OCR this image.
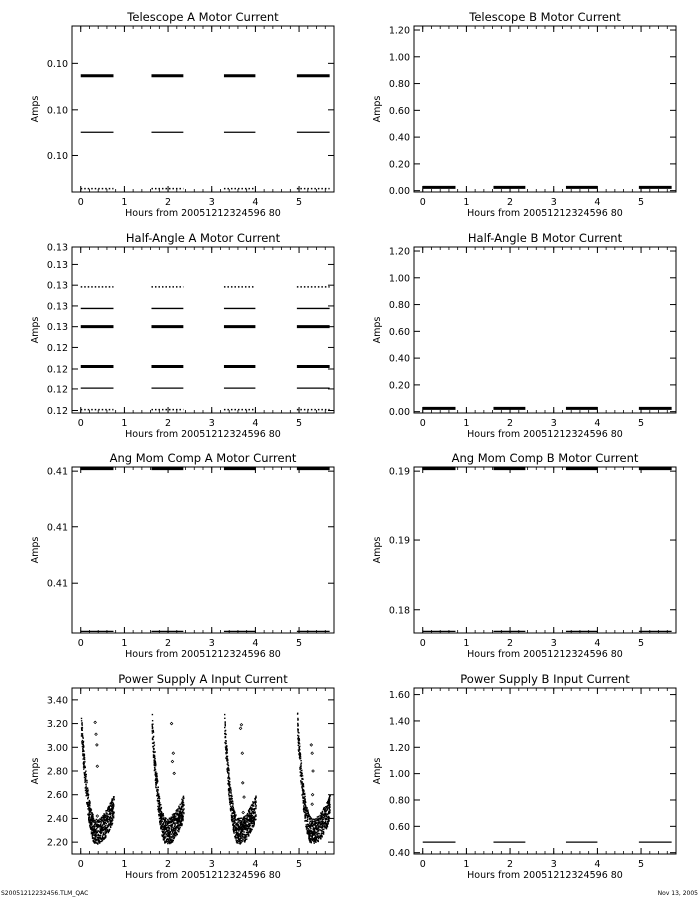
Telescope A Motor Current
Hours from 20051212324596 80
Amps
0	1	2	3	4	5
0.10
0.10
0.10
Telescope B Motor Current
Hours from 20051212324596 80
Amps
0	1	2	3	4	5
0.00
0.20
0.40
0.60
0.80
1.00
1.20
Half-Angle A Motor Current
Hours from 20051212324596 80
Amps
0	1	2	3	4	5
0.12
0.12
0.12
0.12
0.13
0.13
0.13
0.13
0.13
Half-Angle B Motor Current
Hours from 20051212324596 80
Amps
0	1	2	3	4	5
0.00
0.20
0.40
0.60
0.80
1.00
1.20
Ang Mom Comp A Motor Current
Hours from 20051212324596 80
Amps
0	1	2	3	4	5
0.41
0.41
0.41
Ang Mom Comp B Motor Current
Hours from 20051212324596 80
Amps
0	1	2	3	4	5
0.18
0.19
0.19
Power Supply A Input Current
Hours from 20051212324596 80
Amps
0	1	2	3	4	5
2.20
2.40
2.60
2.80
3.00
3.20
3.40
Power Supply B Input Current
Hours from 20051212324596 80
Amps
0	1	2	3	4	5
0.40
0.60
0.80
1.00
1.20
1.40
1.60
S20051212232456.TLM_QAC	Nov 13, 2005
